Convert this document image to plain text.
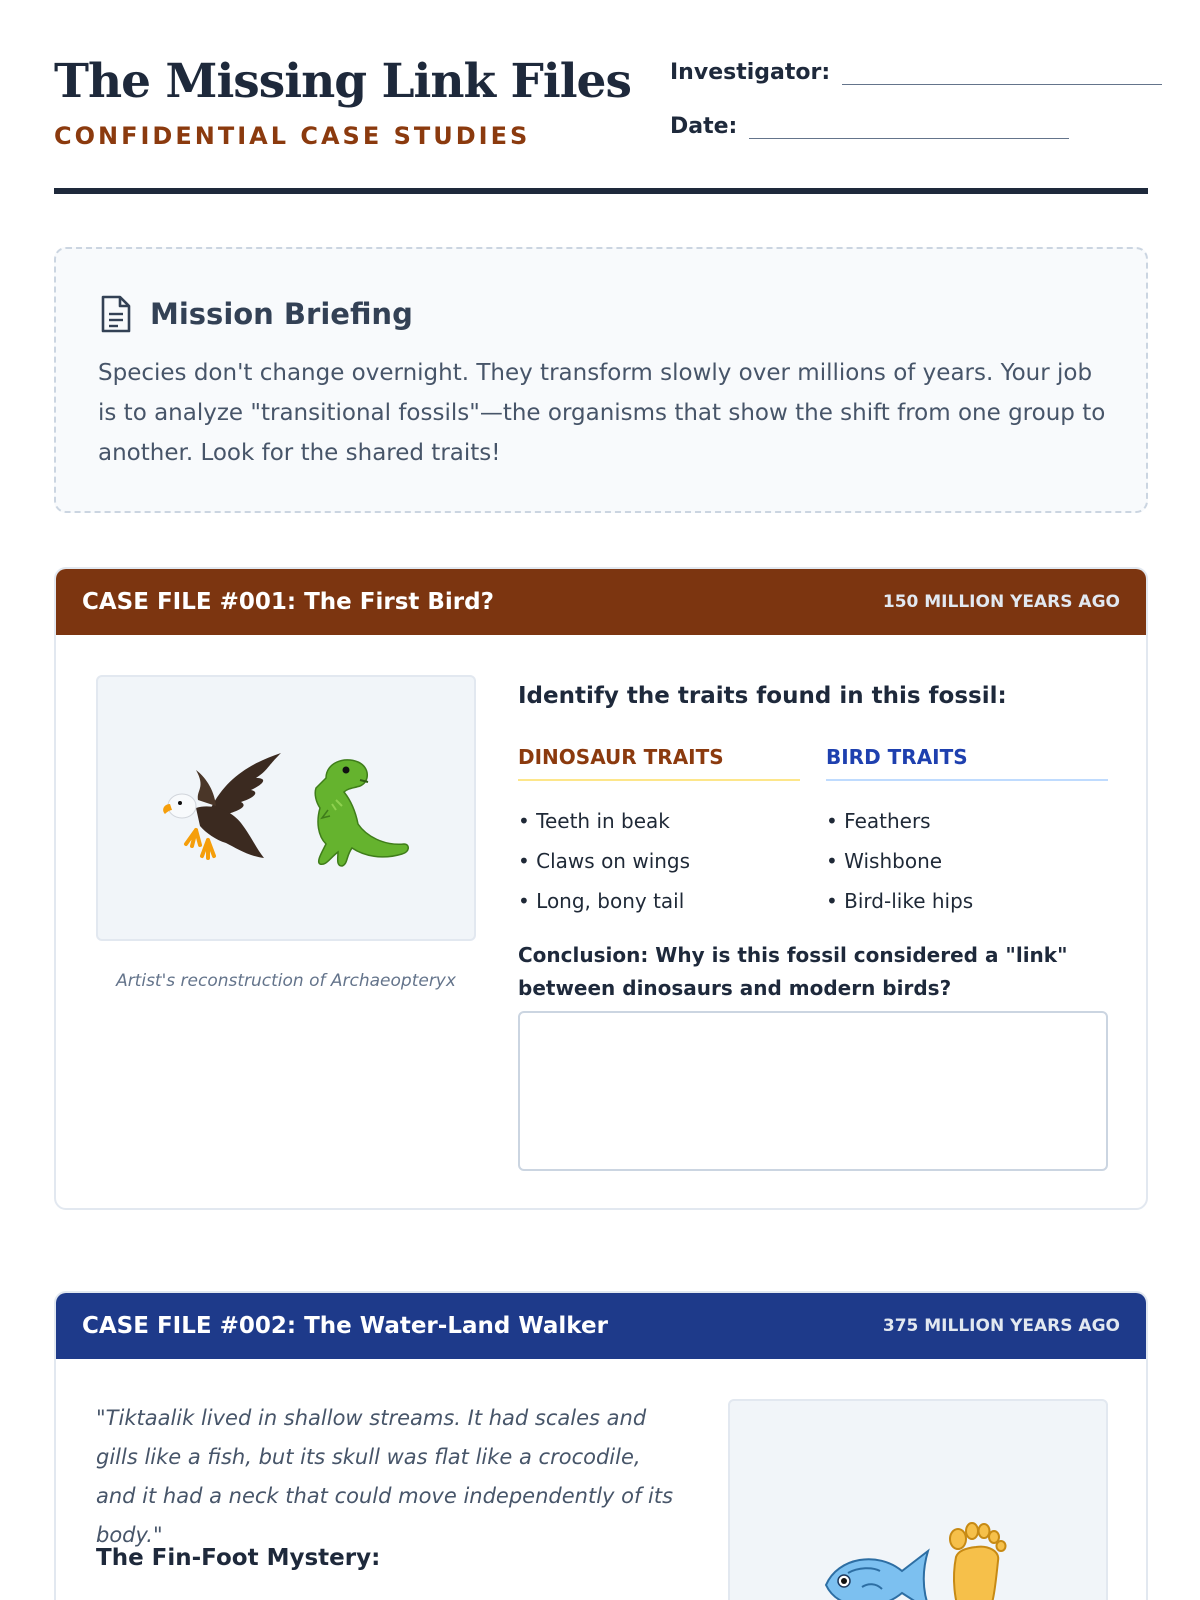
The Missing Link Files
CONFIDENTIAL CASE STUDIES
Investigator:
Date:
Mission Briefing

Species don't change overnight. They transform slowly over millions of years. Your job is to analyze "transitional fossils"—the organisms that show the shift from one group to another. Look for the shared traits!

CASE FILE #001: The First Bird?	150 MILLION YEARS AGO
Artist's reconstruction of Archaeopteryx
Identify the traits found in this fossil:
DINOSAUR TRAITS
• Teeth in beak
• Claws on wings
• Long, bony tail
BIRD TRAITS
• Feathers
• Wishbone
• Bird-like hips
Conclusion: Why is this fossil considered a "link" between dinosaurs and modern birds?
CASE FILE #002: The Water-Land Walker	375 MILLION YEARS AGO

"Tiktaalik lived in shallow streams. It had scales and gills like a fish, but its skull was flat like a crocodile, and it had a neck that could move independently of its body."

The Fin-Foot Mystery:
